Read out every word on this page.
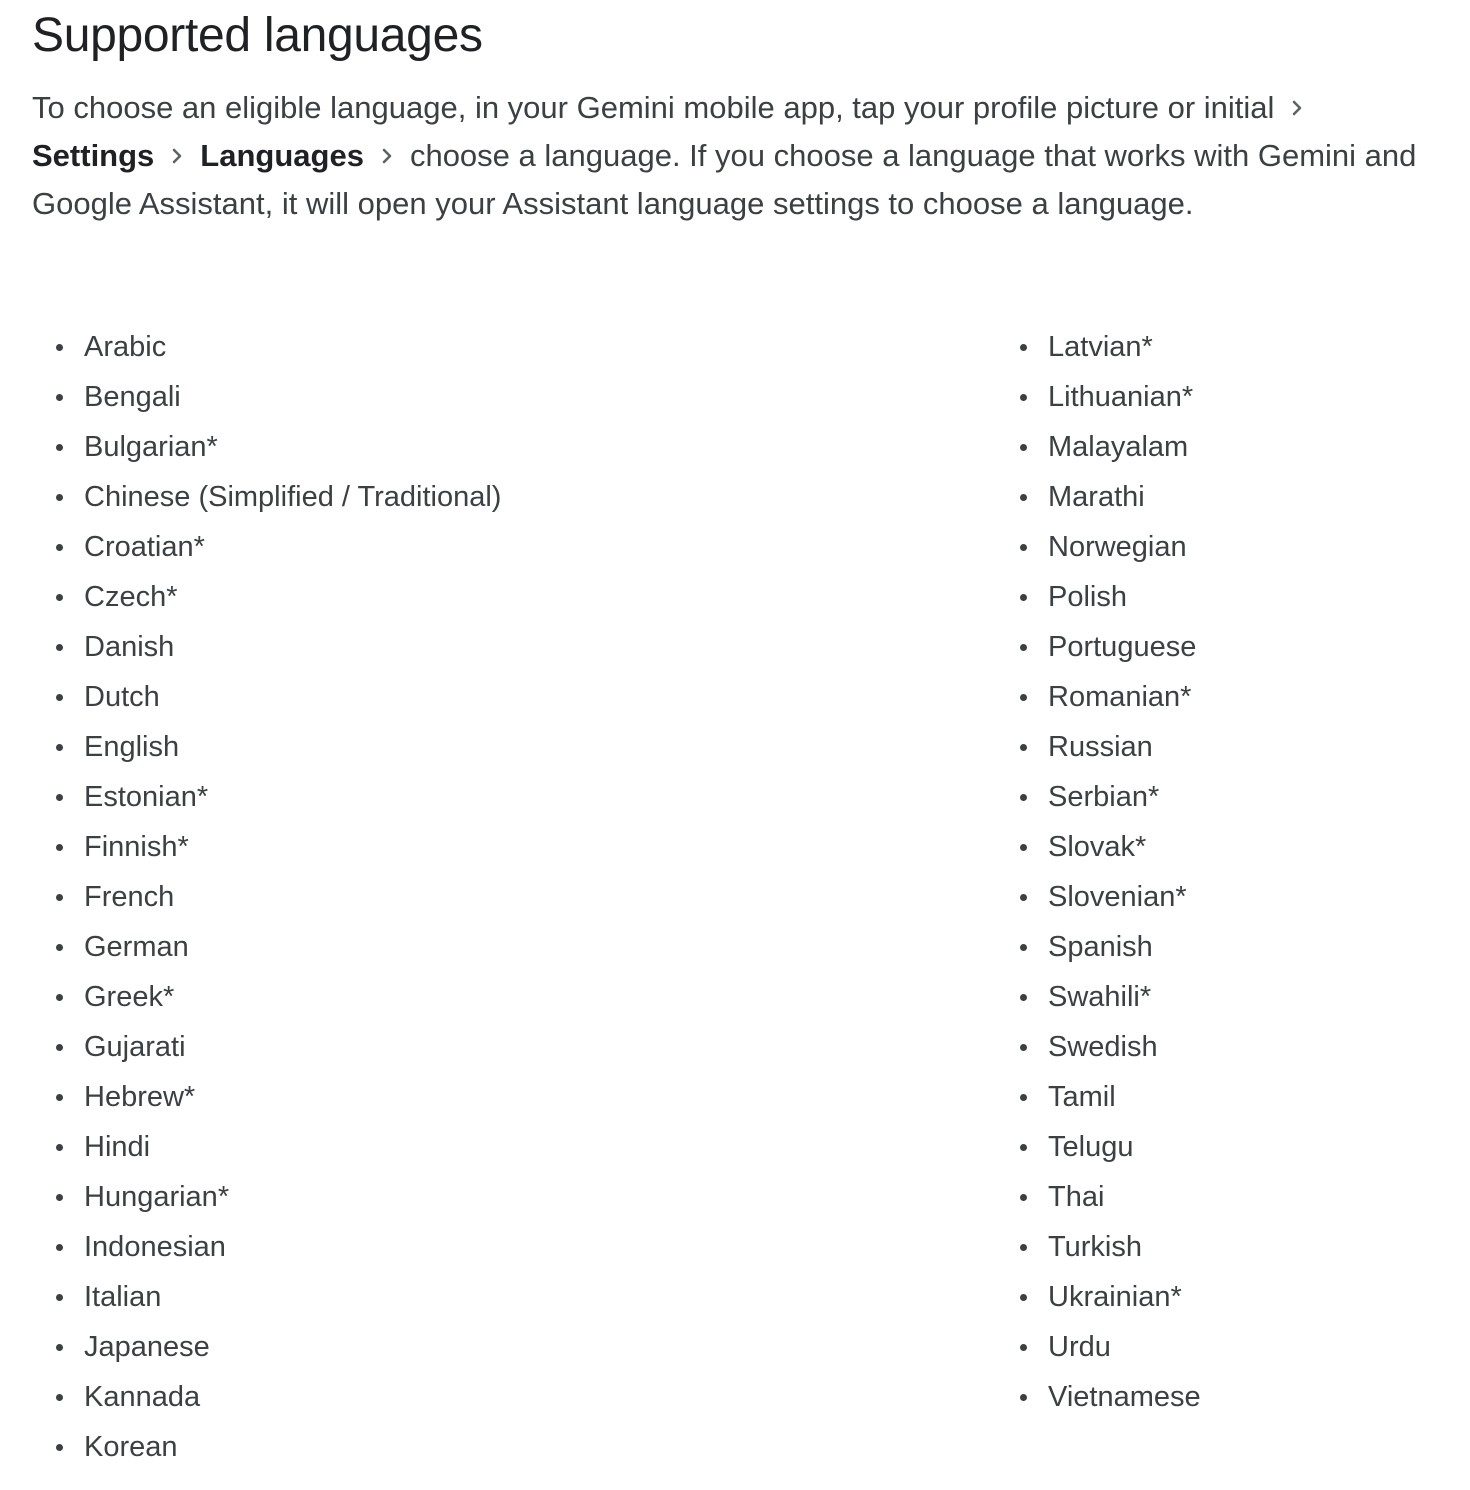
Supported languages

To choose an eligible language, in your Gemini mobile app, tap your profile picture or initial
Settings Languages choose a language. If you choose a language that works with Gemini and Google Assistant, it will open your Assistant language settings to choose a language.

Arabic
Bengali
Bulgarian*
Chinese (Simplified / Traditional)
Croatian*
Czech*
Danish
Dutch
English
Estonian*
Finnish*
French
German
Greek*
Gujarati
Hebrew*
Hindi
Hungarian*
Indonesian
Italian
Japanese
Kannada
Korean
Latvian*
Lithuanian*
Malayalam
Marathi
Norwegian
Polish
Portuguese
Romanian*
Russian
Serbian*
Slovak*
Slovenian*
Spanish
Swahili*
Swedish
Tamil
Telugu
Thai
Turkish
Ukrainian*
Urdu
Vietnamese
